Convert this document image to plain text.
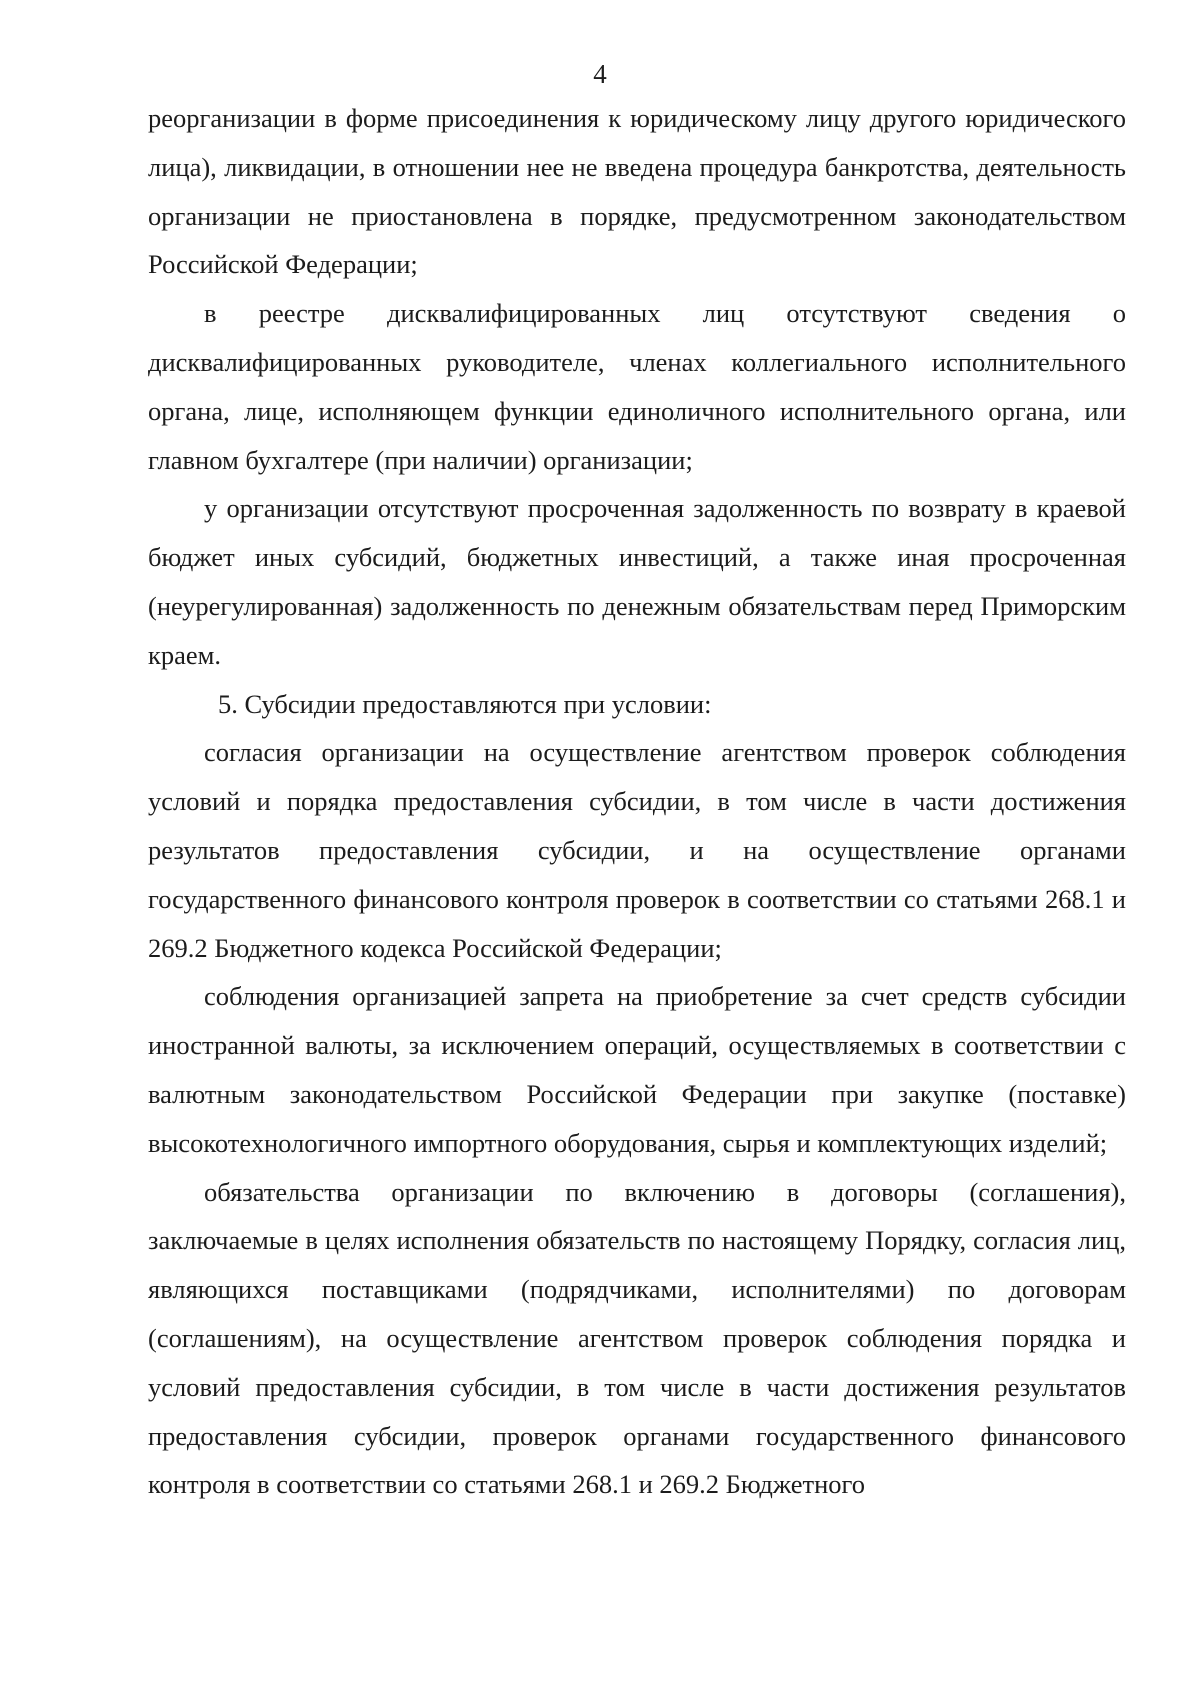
4

реорганизации в форме присоединения к юридическому лицу другого юридического лица), ликвидации, в отношении нее не введена процедура банкротства, деятельность организации не приостановлена в порядке, предусмотренном законодательством Российской Федерации;

в реестре дисквалифицированных лиц отсутствуют сведения о дисквалифицированных руководителе, членах коллегиального исполнительного органа, лице, исполняющем функции единоличного исполнительного органа, или главном бухгалтере (при наличии) организации;

у организации отсутствуют просроченная задолженность по возврату в краевой бюджет иных субсидий, бюджетных инвестиций, а также иная просроченная (неурегулированная) задолженность по денежным обязательствам перед Приморским краем.

5. Субсидии предоставляются при условии:

согласия организации на осуществление агентством проверок соблюдения условий и порядка предоставления субсидии, в том числе в части достижения результатов предоставления субсидии, и на осуществление органами государственного финансового контроля проверок в соответствии со статьями 268.1 и 269.2 Бюджетного кодекса Российской Федерации;

соблюдения организацией запрета на приобретение за счет средств субсидии иностранной валюты, за исключением операций, осуществляемых в соответствии с валютным законодательством Российской Федерации при закупке (поставке) высокотехнологичного импортного оборудования, сырья и комплектующих изделий;

обязательства организации по включению в договоры (соглашения), заключаемые в целях исполнения обязательств по настоящему Порядку, согласия лиц, являющихся поставщиками (подрядчиками, исполнителями) по договорам (соглашениям), на осуществление агентством проверок соблюдения порядка и условий предоставления субсидии, в том числе в части достижения результатов предоставления субсидии, проверок органами государственного финансового контроля в соответствии со статьями 268.1 и 269.2 Бюджетного
